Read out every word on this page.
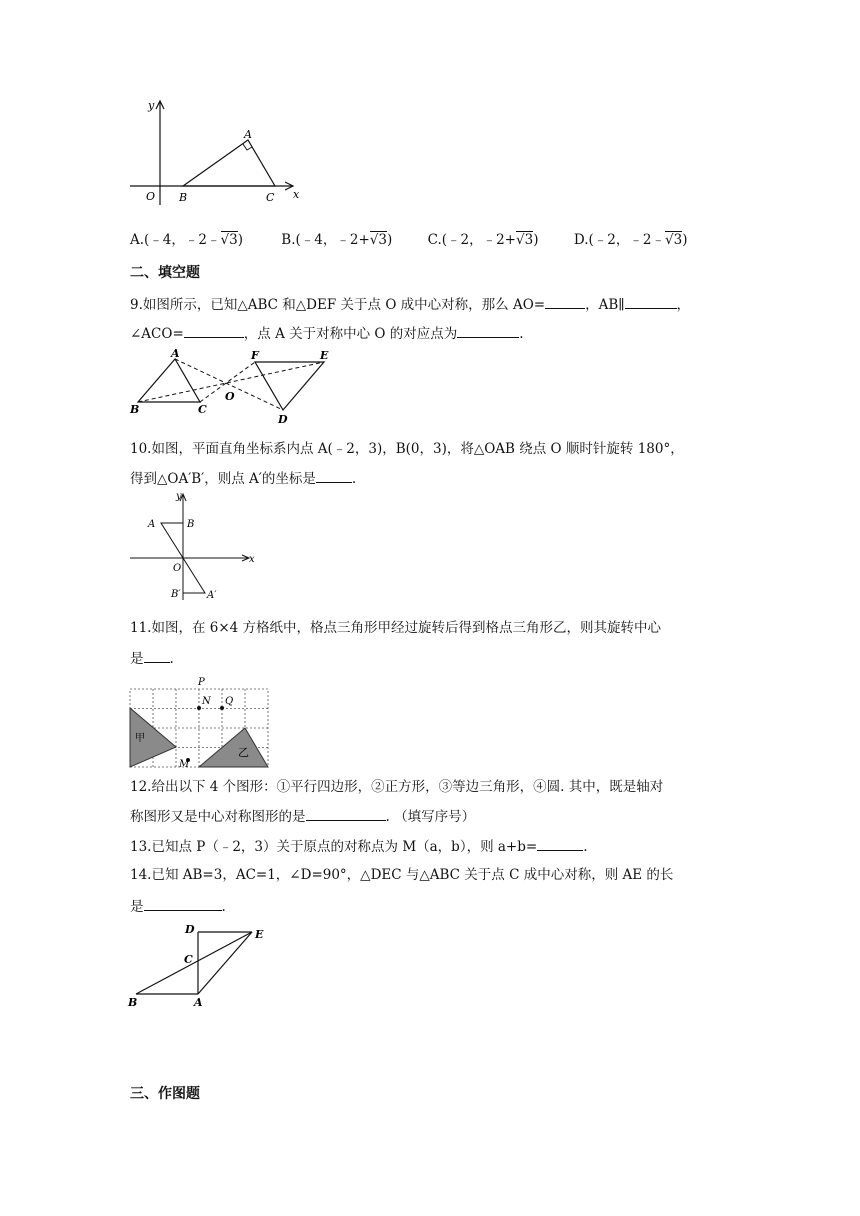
y
x
O
A
B	C
A.(﹣4，﹣2﹣√3)	B.(﹣4，﹣2+√3)	C.(﹣2，﹣2+√3)	D.(﹣2，﹣2﹣√3)
二、填空题
9.如图所示，已知△ABC 和△DEF 关于点 O 成中心对称，那么 AO=	，AB∥	，
∠ACO=	，点 A 关于对称中心 O 的对应点为	.
A
B	C
O
F	E
D
10.如图，平面直角坐标系内点 A(﹣2，3)，B(0，3)，将△OAB 绕点 O 顺时针旋转 180°，
得到△OA′B′，则点 A′的坐标是	.
y
x
A	B
O
B′	A′
11.如图，在 6×4 方格纸中，格点三角形甲经过旋转后得到格点三角形乙，则其旋转中心
是 .
P
N Q
M
甲
乙
12.给出以下 4 个图形：①平行四边形，②正方形，③等边三角形，④圆. 其中，既是轴对
称图形又是中心对称图形的是	. （填写序号）
13.已知点 P（﹣2，3）关于原点的对称点为 M（a，b），则 a+b=	.
14.已知 AB=3，AC=1，∠D=90°，△DEC 与△ABC 关于点 C 成中心对称，则 AE 的长
是	.
D	E
C
B	A
三、作图题
